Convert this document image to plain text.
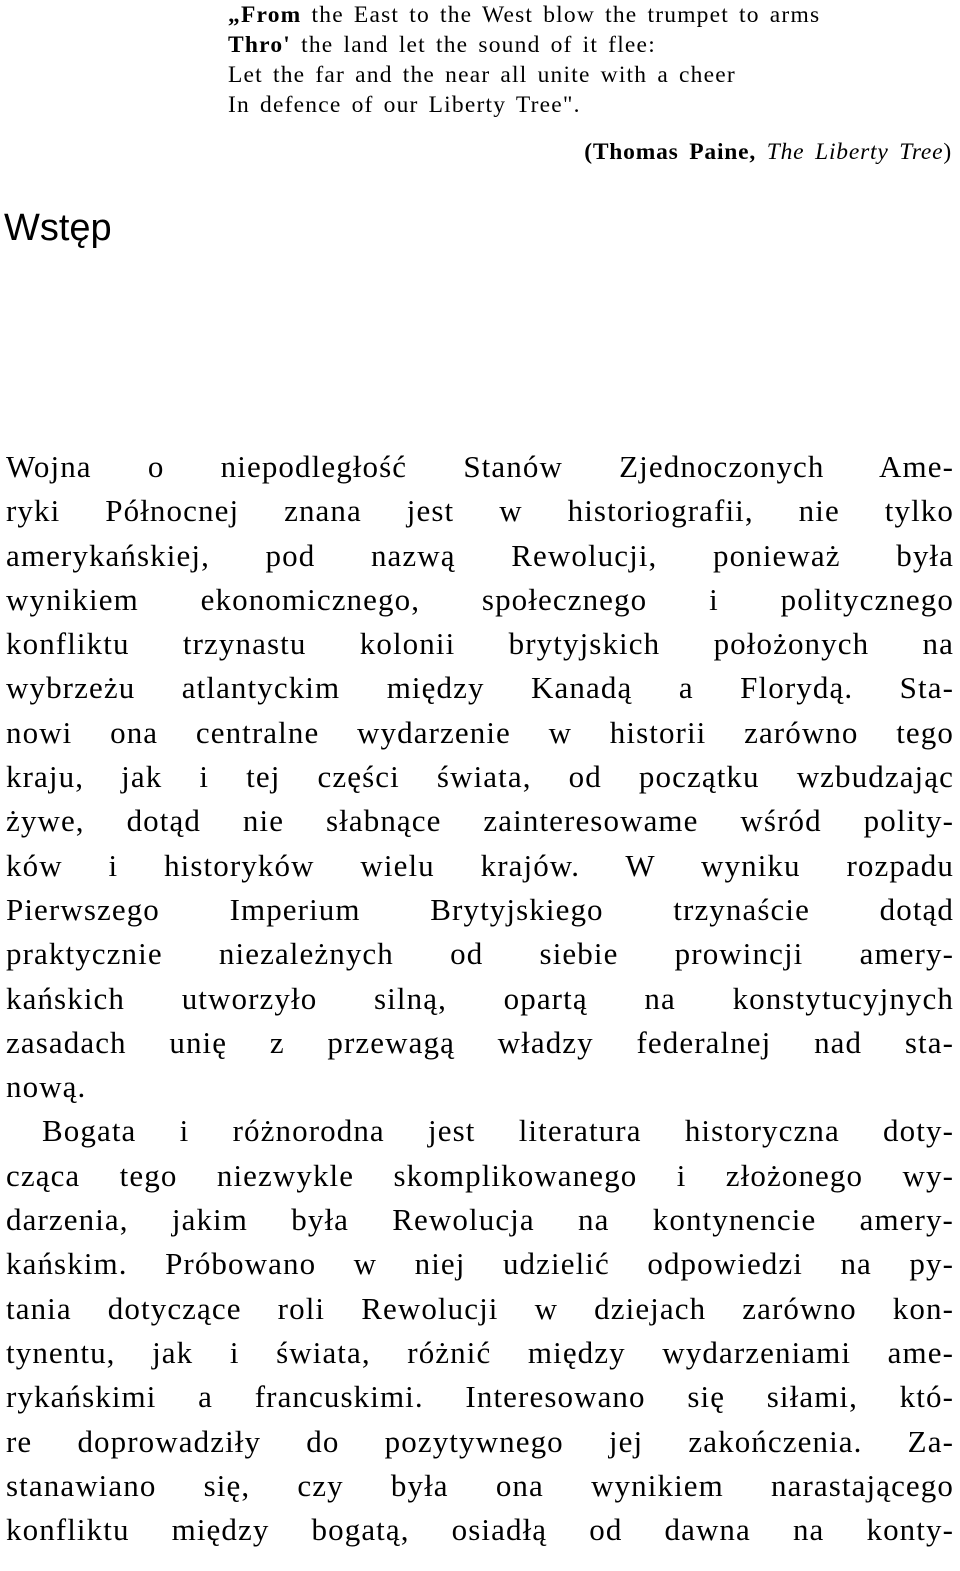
„From the East to the West blow the trumpet to arms
Thro' the land let the sound of it flee:
Let the far and the near all unite with a cheer
In defence of our Liberty Tree".
(Thomas Paine, The Liberty Tree)
Wstęp
Wojna o niepodległość Stanów Zjednoczonych Ame-
ryki Północnej znana jest w historiografii, nie tylko
amerykańskiej, pod nazwą Rewolucji, ponieważ była
wynikiem ekonomicznego, społecznego i politycznego
konfliktu trzynastu kolonii brytyjskich położonych na
wybrzeżu atlantyckim między Kanadą a Florydą. Sta-
nowi ona centralne wydarzenie w historii zarówno tego
kraju, jak i tej części świata, od początku wzbudzając
żywe, dotąd nie słabnące zainteresowame wśród polity-
ków i historyków wielu krajów. W wyniku rozpadu
Pierwszego Imperium Brytyjskiego trzynaście dotąd
praktycznie niezależnych od siebie prowincji amery-
kańskich utworzyło silną, opartą na konstytucyjnych
zasadach unię z przewagą władzy federalnej nad sta-
nową.
Bogata i różnorodna jest literatura historyczna doty-
cząca tego niezwykle skomplikowanego i złożonego wy-
darzenia, jakim była Rewolucja na kontynencie amery-
kańskim. Próbowano w niej udzielić odpowiedzi na py-
tania dotyczące roli Rewolucji w dziejach zarówno kon-
tynentu, jak i świata, różnić między wydarzeniami ame-
rykańskimi a francuskimi. Interesowano się siłami, któ-
re doprowadziły do pozytywnego jej zakończenia. Za-
stanawiano się, czy była ona wynikiem narastającego
konfliktu między bogatą, osiadłą od dawna na konty-
